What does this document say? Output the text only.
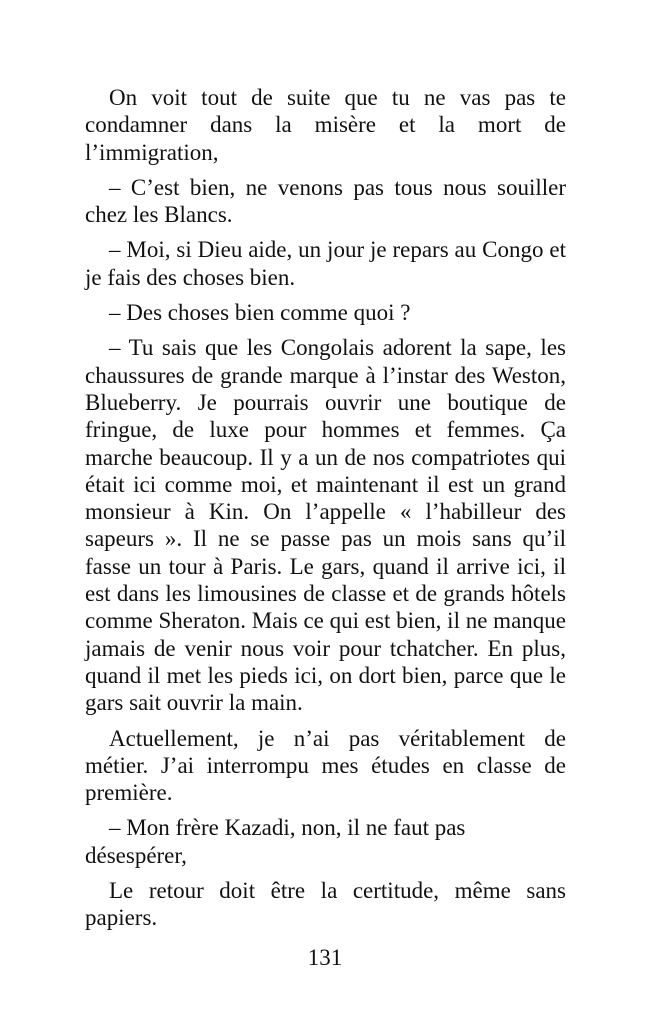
On voit tout de suite que tu ne vas pas te condamner dans la misère et la mort de l’immigration,

– C’est bien, ne venons pas tous nous souiller chez les Blancs.

– Moi, si Dieu aide, un jour je repars au Congo et je fais des choses bien.

– Des choses bien comme quoi ?

– Tu sais que les Congolais adorent la sape, les chaussures de grande marque à l’instar des Weston, Blueberry. Je pourrais ouvrir une boutique de fringue, de luxe pour hommes et femmes. Ça marche beaucoup. Il y a un de nos compatriotes qui était ici comme moi, et maintenant il est un grand monsieur à Kin. On l’appelle « l’habilleur des sapeurs ». Il ne se passe pas un mois sans qu’il fasse un tour à Paris. Le gars, quand il arrive ici, il est dans les limousines de classe et de grands hôtels comme Sheraton. Mais ce qui est bien, il ne manque jamais de venir nous voir pour tchatcher. En plus, quand il met les pieds ici, on dort bien, parce que le gars sait ouvrir la main.

Actuellement, je n’ai pas véritablement de métier. J’ai interrompu mes études en classe de première.

– Mon frère Kazadi, non, il ne faut pas désespérer,

Le retour doit être la certitude, même sans papiers.

131
